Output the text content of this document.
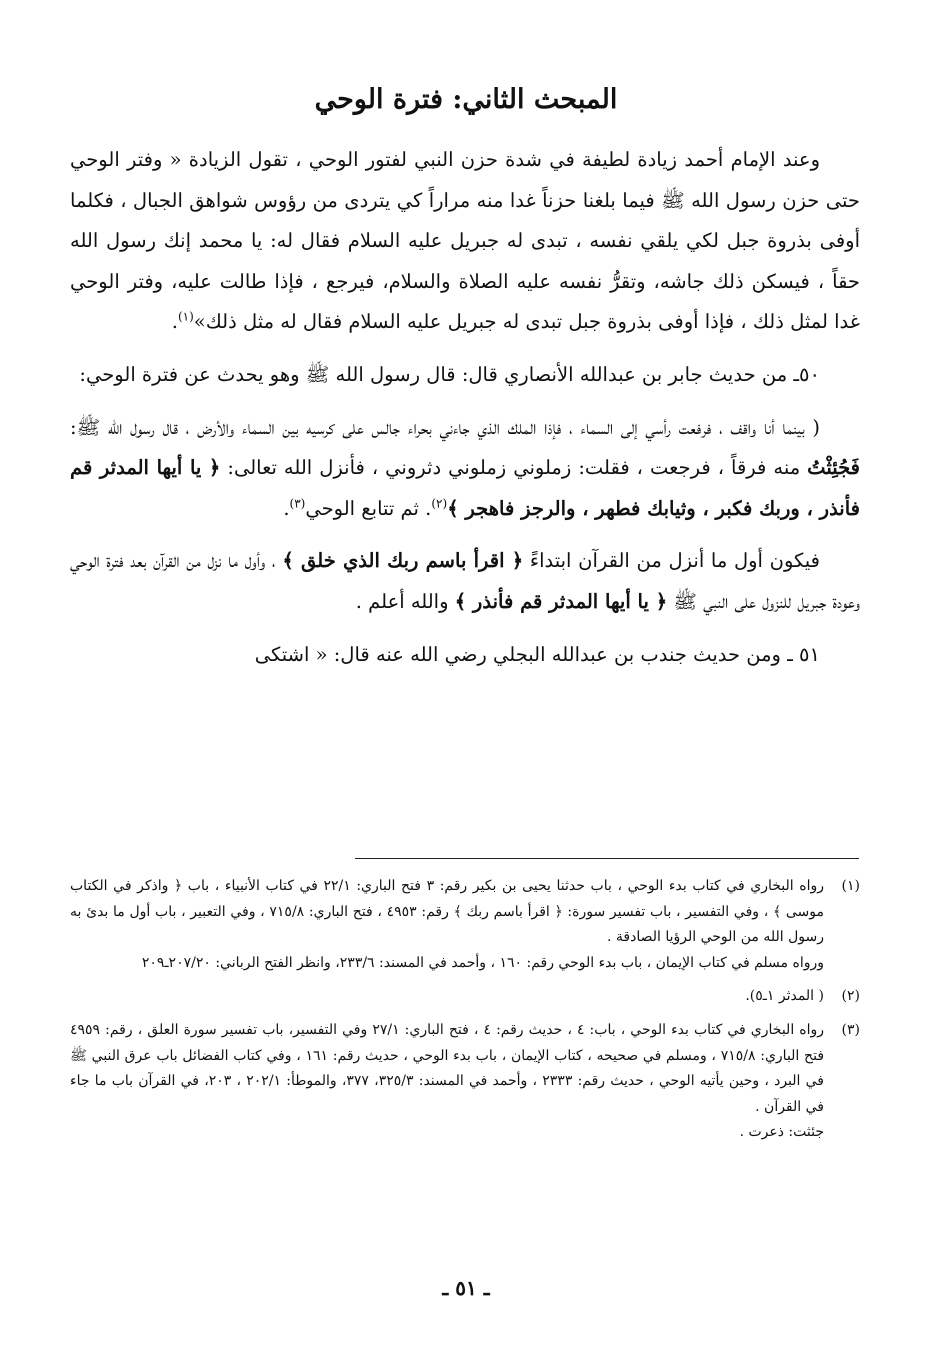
المبحث الثاني: فترة الوحي

وعند الإمام أحمد زيادة لطيفة في شدة حزن النبي لفتور الوحي ، تقول الزيادة « وفتر الوحي حتى حزن رسول الله ﷺ فيما بلغنا حزناً غدا منه مراراً كي يتردى من رؤوس شواهق الجبال ، فكلما أوفى بذروة جبل لكي يلقي نفسه ، تبدى له جبريل عليه السلام فقال له: يا محمد إنك رسول الله حقاً ، فيسكن ذلك جاشه، وتقرُّ نفسه عليه الصلاة والسلام، فيرجع ، فإذا طالت عليه، وفتر الوحي غدا لمثل ذلك ، فإذا أوفى بذروة جبل تبدى له جبريل عليه السلام فقال له مثل ذلك»$^{(١)}$.

٥٠ـ من حديث جابر بن عبدالله الأنصاري قال: قال رسول الله ﷺ وهو يحدث عن فترة الوحي:

( بينما أنا واقف ، فرفعت رأسي إلى السماء ، فإذا الملك الذي جاءني بحراء جالس على كرسيه بين السماء والأرض ، قال رسول الله ﷺ: فَجُئِثْتُ منه فرقاً ، فرجعت ، فقلت: زملوني زملوني دثروني ، فأنزل الله تعالى: ﴿ يا أيها المدثر قم فأنذر ، وربك فكبر ، وثيابك فطهر ، والرجز فاهجر ﴾$^{(٢)}$. ثم تتابع الوحي$^{(٣)}$.

فيكون أول ما أنزل من القرآن ابتداءً ﴿ اقرأ باسم ربك الذي خلق ﴾ ، وأول ما نزل من القرآن بعد فترة الوحي وعودة جبريل للنزول على النبي ﷺ ﴿ يا أيها المدثر قم فأنذر ﴾ والله أعلم .

٥١ ـ ومن حديث جندب بن عبدالله البجلي رضي الله عنه قال: « اشتكى

(١)

رواه البخاري في كتاب بدء الوحي ، باب حدثنا يحيى بن بكير رقم: ٣ فتح الباري: ٢٢/١ في كتاب الأنبياء ، باب ﴿ واذكر في الكتاب موسى ﴾ ، وفي التفسير ، باب تفسير سورة: ﴿ اقرأ باسم ربك ﴾ رقم: ٤٩٥٣ ، فتح الباري: ٧١٥/٨ ، وفي التعبير ، باب أول ما بدئ به رسول الله من الوحي الرؤيا الصادقة .

ورواه مسلم في كتاب الإيمان ، باب بدء الوحي رقم: ١٦٠ ، وأحمد في المسند: ٢٣٣/٦، وانظر الفتح الرباني: ٢٠٧/٢٠ـ٢٠٩

(٢)

( المدثر ١ـ٥).

(٣)

رواه البخاري في كتاب بدء الوحي ، باب: ٤ ، حديث رقم: ٤ ، فتح الباري: ٢٧/١ وفي التفسير، باب تفسير سورة العلق ، رقم: ٤٩٥٩ فتح الباري: ٧١٥/٨ ، ومسلم في صحيحه ، كتاب الإيمان ، باب بدء الوحي ، حديث رقم: ١٦١ ، وفي كتاب الفضائل باب عرق النبي ﷺ في البرد ، وحين يأتيه الوحي ، حديث رقم: ٢٣٣٣ ، وأحمد في المسند: ٣٢٥/٣، ٣٧٧، والموطأ: ٢٠٢/١ ، ٢٠٣، في القرآن باب ما جاء في القرآن .

جئثت: ذعرت .

ـ ٥١ ـ
